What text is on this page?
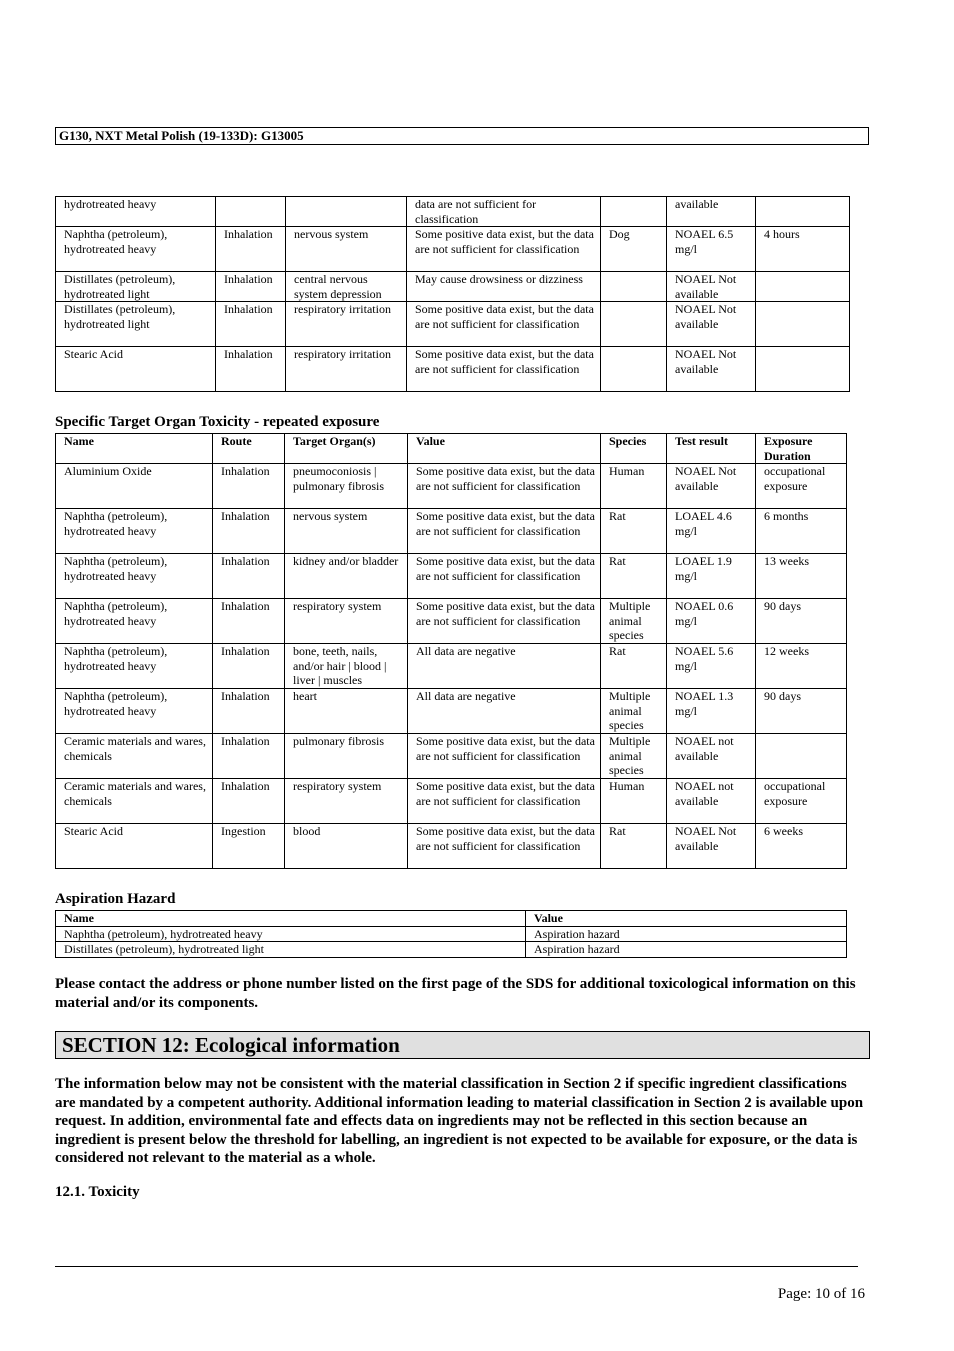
G130, NXT Metal Polish (19-133D): G13005
hydrotreated heavy			data are not sufficient for classification		available	
Naphtha (petroleum), hydrotreated heavy	Inhalation	nervous system	Some positive data exist, but the data are not sufficient for classification	Dog	NOAEL 6.5 mg/l	4 hours
Distillates (petroleum), hydrotreated light	Inhalation	central nervous system depression	May cause drowsiness or dizziness		NOAEL Not available	
Distillates (petroleum), hydrotreated light	Inhalation	respiratory irritation	Some positive data exist, but the data are not sufficient for classification		NOAEL Not available	
Stearic Acid	Inhalation	respiratory irritation	Some positive data exist, but the data are not sufficient for classification		NOAEL Not available	
Specific Target Organ Toxicity - repeated exposure
Name	Route	Target Organ(s)	Value	Species	Test result	Exposure Duration
Aluminium Oxide	Inhalation	pneumoconiosis | pulmonary fibrosis	Some positive data exist, but the data are not sufficient for classification	Human	NOAEL Not available	occupational exposure
Naphtha (petroleum), hydrotreated heavy	Inhalation	nervous system	Some positive data exist, but the data are not sufficient for classification	Rat	LOAEL 4.6 mg/l	6 months
Naphtha (petroleum), hydrotreated heavy	Inhalation	kidney and/or bladder	Some positive data exist, but the data are not sufficient for classification	Rat	LOAEL 1.9 mg/l	13 weeks
Naphtha (petroleum), hydrotreated heavy	Inhalation	respiratory system	Some positive data exist, but the data are not sufficient for classification	Multiple animal species	NOAEL 0.6 mg/l	90 days
Naphtha (petroleum), hydrotreated heavy	Inhalation	bone, teeth, nails, and/or hair | blood | liver | muscles	All data are negative	Rat	NOAEL 5.6 mg/l	12 weeks
Naphtha (petroleum), hydrotreated heavy	Inhalation	heart	All data are negative	Multiple animal species	NOAEL 1.3 mg/l	90 days
Ceramic materials and wares, chemicals	Inhalation	pulmonary fibrosis	Some positive data exist, but the data are not sufficient for classification	Multiple animal species	NOAEL not available	
Ceramic materials and wares, chemicals	Inhalation	respiratory system	Some positive data exist, but the data are not sufficient for classification	Human	NOAEL not available	occupational exposure
Stearic Acid	Ingestion	blood	Some positive data exist, but the data are not sufficient for classification	Rat	NOAEL Not available	6 weeks
Aspiration Hazard
Name	Value
Naphtha (petroleum), hydrotreated heavy	Aspiration hazard
Distillates (petroleum), hydrotreated light	Aspiration hazard
Please contact the address or phone number listed on the first page of the SDS for additional toxicological information on this material and/or its components.
SECTION 12: Ecological information
The information below may not be consistent with the material classification in Section 2 if specific ingredient classifications are mandated by a competent authority. Additional information leading to material classification in Section 2 is available upon request. In addition, environmental fate and effects data on ingredients may not be reflected in this section because an ingredient is present below the threshold for labelling, an ingredient is not expected to be available for exposure, or the data is considered not relevant to the material as a whole.
12.1. Toxicity
Page: 10 of 16
